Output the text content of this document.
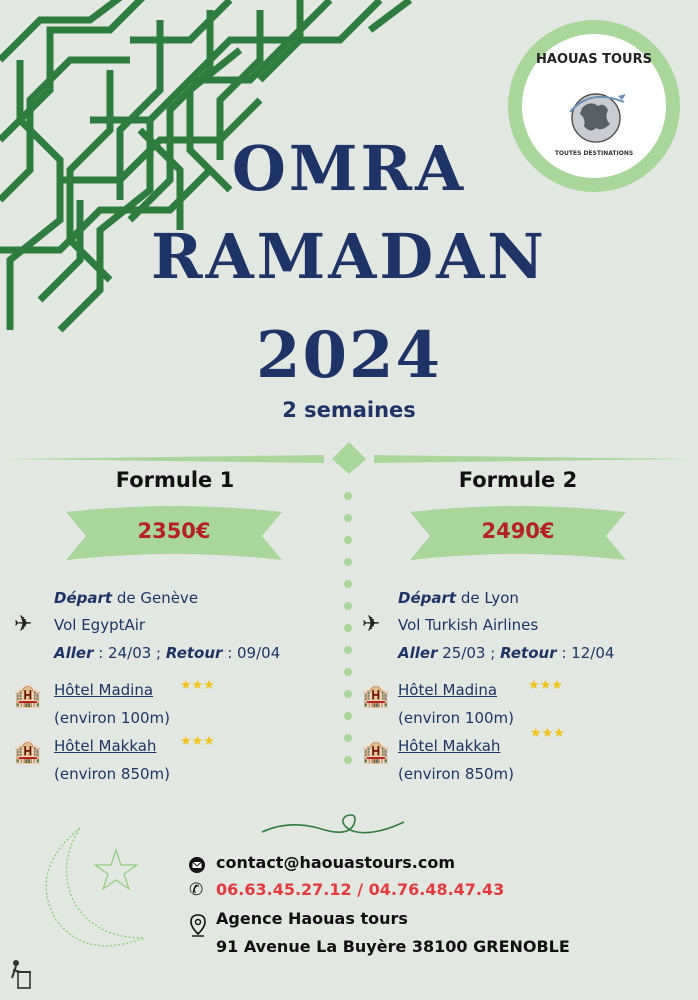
HAOUAS TOURS
TOUTES DESTINATIONS
OMRA
RAMADAN
2024
2 semaines
Formule 1
2350€
Départ de Genève
✈ Vol EgyptAir
Aller : 24/03 ; Retour : 09/04
🏨 Hôtel Madina ★★★
(environ 100m)
🏨 Hôtel Makkah ★★★
(environ 850m)
Formule 2
2490€
Départ de Lyon
✈ Vol Turkish Airlines
Aller 25/03 ; Retour : 12/04
🏨 Hôtel Madina ★★★
(environ 100m)
🏨 Hôtel Makkah
★★★
(environ 850m)
contact@haouastours.com
✆ 06.63.45.27.12 / 04.76.48.47.43
Agence Haouas tours
91 Avenue La Buyère 38100 GRENOBLE
